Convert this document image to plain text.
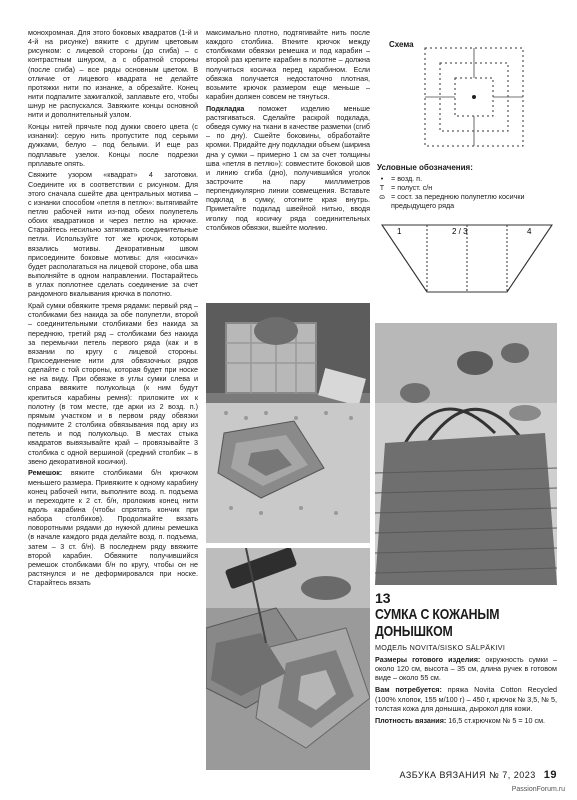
монохромная. Для этого боковых квадратов (1-й и 4-й на рисунке) вяжите с другим цветовым рисунком: с лицевой стороны (до сгиба) – с контрастным шнуром, а с обратной стороны (после сгиба) – все ряды основным цветом. В отличие от лицевого квадрата не делайте протяжки нити по изнанке, а обрезайте. Конец нити подпалите зажигалкой, заплавьте его, чтобы шнур не распускался. Завяжите концы основной нити и дополнительный узлом.

Концы нитей прячьте под дужки своего цвета (с изнанки): серую нить пропустите под серыми дужками, белую – под белыми. И еще раз подплавьте узелок. Концы после подрезки прплавьте опять.

Свяжите узором «квадрат» 4 заготовки. Соедините их в соответствии с рисунком. Для этого сначала сшейте два центральных мотива – с изнанки способом «петля в петлю»: вытягивайте петлю рабочей нити из-под обеих полупетель обоих квадратиков и через петлю на крючке. Старайтесь несильно затягивать соединительные петли. Используйте тот же крючок, которым вязались мотивы. Декоративным швом присоедините боковые мотивы: для «косичка» будет располагаться на лицевой стороне, оба шва выполняйте в одном направлении. Постарайтесь в углах поплотнее сделать соединение за счет рандомного вкалывания крючка в полотно.

Край сумки обвяжите тремя рядами: первый ряд – столбиками без накида за обе полупетли, второй – соединительными столбиками без накида за переднюю, третий ряд – столбиками без накида за перемычки петель первого ряда (как и в вязании по кругу с лицевой стороны. Присоединение нити для обвязочных рядов сделайте с той стороны, которая будет при носке не на виду. При обвязке в углы сумки слева и справа ввяжите полукольца (к ним будут крепиться карабины ремня): приложите их к полотну (в том месте, где арки из 2 возд. п.) прямым участком и в первом ряду обвязки поднимите 2 столбика обвязывания под арку из петель и под полукольцо. В местах стыка квадратов вывязывайте край – провязывайте 3 столбика с одной вершиной (средний столбик – в звено декоративной косички).

Ремешок: вяжите столбиками б/н крючком меньшего размера. Привяжите к одному карабину конец рабочей нити, выполните возд. п. подъема и переходите к 2 ст. б/н, проложив конец нити вдоль карабина (чтобы спрятать кончик при набора столбиков). Продолжайте вязать поворотными рядами до нужной длины ремешка (в начале каждого ряда делайте возд. п. подъема, затем – 3 ст. б/н). В последнем ряду ввяжите второй карабин. Обвяжите получившийся ремешок столбиками б/н по кругу, чтобы он не растянулся и не деформировался при носке. Старайтесь вязать

максимально плотно, подтягивайте нить после каждого столбика. Вткните крючок между столбиками обвязки ремешка и под карабин – второй раз крепите карабин в полотне – должна получиться косичка перед карабином. Если обвязка получается недостаточно плотная, возьмите крючок размером еще меньше – карабин должен совсем не тянуться.

Подкладка поможет изделию меньше растягиваться. Сделайте раскрой подклада, обведя сумку на ткани в качестве разметки (сгиб – по дну). Сшейте боковины, обработайте кромки. Придайте дну подкладки объем (ширина дна у сумки – примерно 1 см за счет толщины шва «петля в петлю»): совместите боковой шов и линию сгиба (дно), получившийся уголок застрочите на пару миллиметров перпендикулярно линии совмещения. Вставьте подклад в сумку, отогните края внутрь. Приметайте подклад швейной нитью, вводя иголку под косичку ряда соединительных столбиков обвязки, вшейте молнию.

Схема
Условные обозначения:
•	= возд. п.
T = полуст. с/н
ɷ = сост. за переднюю полупетлю косички предыдущего ряда
1	2 / 3	4
13
СУМКА С КОЖАНЫМ ДОНЫШКОМ
МОДЕЛЬ NOVITA/SISKO SÄLPÄKIVI
Размеры готового изделия: окружность сумки – около 120 см, высота – 35 см, длина ручек в готовом виде – около 55 см.
Вам потребуется: пряжа Novita Cotton Recycled (100% хлопок, 155 м/100 г) – 450 г, крючок № 3,5, № 5, толстая кожа для донышка, дырокол для кожи.
Плотность вязания: 16,5 ст.крючком № 5 = 10 см.
АЗБУКА ВЯЗАНИЯ № 7, 2023 19
PassionForum.ru
